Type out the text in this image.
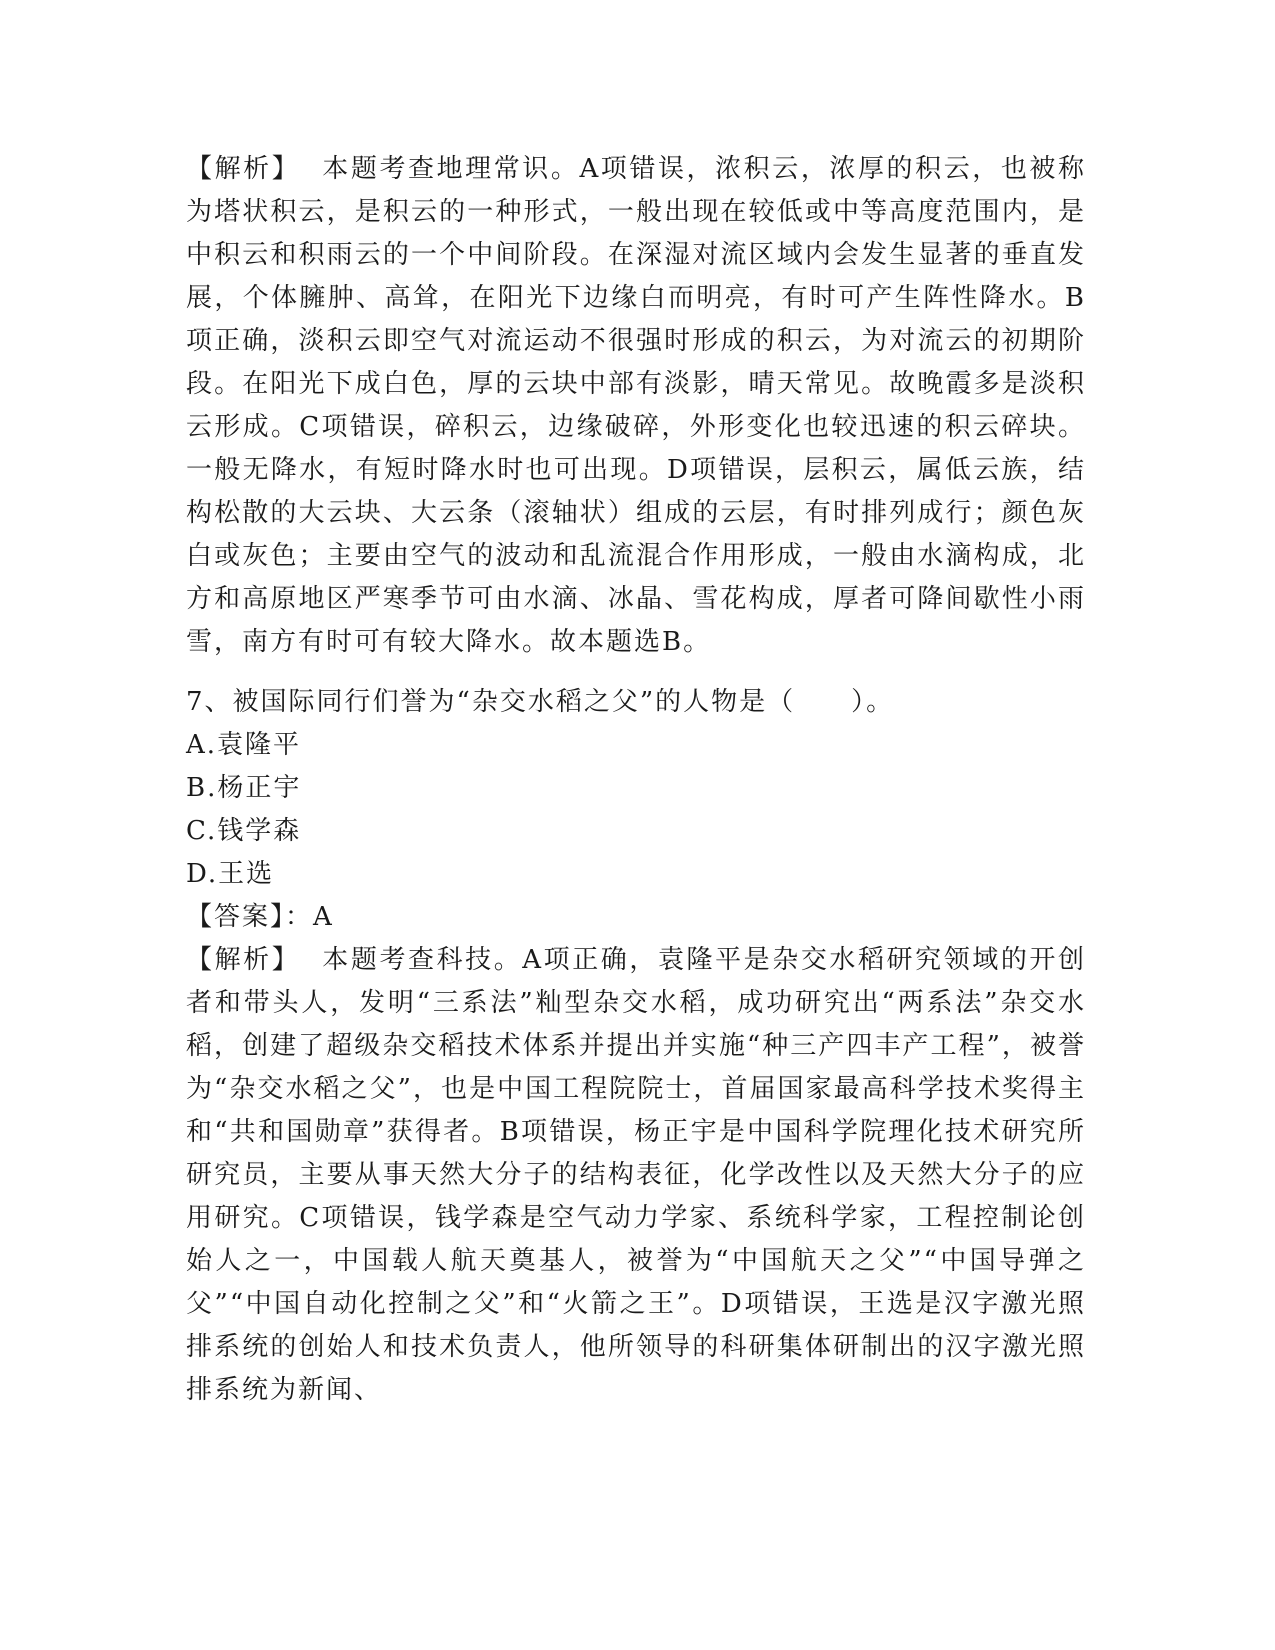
【解析】 本题考查地理常识。A项错误，浓积云，浓厚的积云，也被称为塔状积云，是积云的一种形式，一般出现在较低或中等高度范围内，是中积云和积雨云的一个中间阶段。在深湿对流区域内会发生显著的垂直发展，个体臃肿、高耸，在阳光下边缘白而明亮，有时可产生阵性降水。B项正确，淡积云即空气对流运动不很强时形成的积云，为对流云的初期阶段。在阳光下成白色，厚的云块中部有淡影，晴天常见。故晚霞多是淡积云形成。C项错误，碎积云，边缘破碎，外形变化也较迅速的积云碎块。一般无降水，有短时降水时也可出现。D项错误，层积云，属低云族，结构松散的大云块、大云条（滚轴状）组成的云层，有时排列成行；颜色灰白或灰色；主要由空气的波动和乱流混合作用形成，一般由水滴构成，北方和高原地区严寒季节可由水滴、冰晶、雪花构成，厚者可降间歇性小雨雪，南方有时可有较大降水。故本题选B。

7、被国际同行们誉为“杂交水稻之父”的人物是（　　）。

A.袁隆平

B.杨正宇

C.钱学森

D.王选

【答案】：A

【解析】 本题考查科技。A项正确，袁隆平是杂交水稻研究领域的开创者和带头人，发明“三系法”籼型杂交水稻，成功研究出“两系法”杂交水稻，创建了超级杂交稻技术体系并提出并实施“种三产四丰产工程”，被誉为“杂交水稻之父”，也是中国工程院院士，首届国家最高科学技术奖得主和“共和国勋章”获得者。B项错误，杨正宇是中国科学院理化技术研究所研究员，主要从事天然大分子的结构表征，化学改性以及天然大分子的应用研究。C项错误，钱学森是空气动力学家、系统科学家，工程控制论创始人之一，中国载人航天奠基人，被誉为“中国航天之父”“中国导弹之父”“中国自动化控制之父”和“火箭之王”。D项错误，王选是汉字激光照排系统的创始人和技术负责人，他所领导的科研集体研制出的汉字激光照排系统为新闻、
